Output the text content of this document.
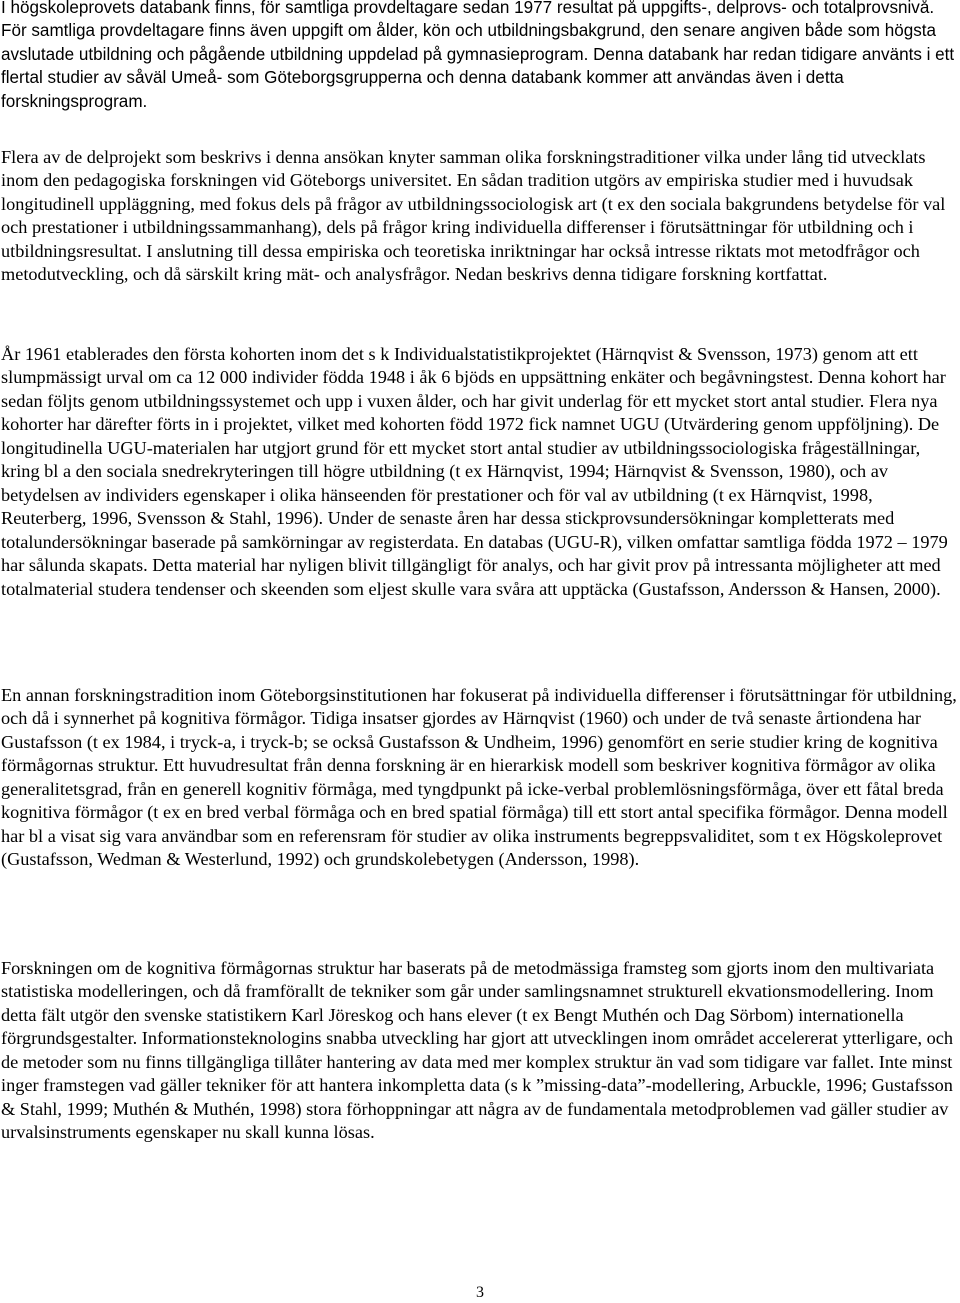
I högskoleprovets databank finns, för samtliga provdeltagare sedan 1977 resultat på uppgifts-, delprovs- och totalprovsnivå. För samtliga provdeltagare finns även uppgift om ålder, kön och utbildningsbakgrund, den senare angiven både som högsta avslutade utbildning och pågående utbildning uppdelad på gymnasieprogram. Denna databank har redan tidigare använts i ett flertal studier av såväl Umeå- som Göteborgsgrupperna och denna databank kommer att användas även i detta forskningsprogram.

Flera av de delprojekt som beskrivs i denna ansökan knyter samman olika forskningstraditioner vilka under lång tid utvecklats inom den pedagogiska forskningen vid Göteborgs universitet. En sådan tradition utgörs av empiriska studier med i huvudsak longitudinell uppläggning, med fokus dels på frågor av utbildningssociologisk art (t ex den sociala bakgrundens betydelse för val och prestationer i utbildningssammanhang), dels på frågor kring individuella differenser i förutsättningar för utbildning och i utbildningsresultat. I anslutning till dessa empiriska och teoretiska inriktningar har också intresse riktats mot metodfrågor och metodutveckling, och då särskilt kring mät- och analysfrågor. Nedan beskrivs denna tidigare forskning kortfattat.

År 1961 etablerades den första kohorten inom det s k Individualstatistikprojektet (Härnqvist & Svensson, 1973) genom att ett slumpmässigt urval om ca 12 000 individer födda 1948 i åk 6 bjöds en uppsättning enkäter och begåvningstest. Denna kohort har sedan följts genom utbildningssystemet och upp i vuxen ålder, och har givit underlag för ett mycket stort antal studier. Flera nya kohorter har därefter förts in i projektet, vilket med kohorten född 1972 fick namnet UGU (Utvärdering genom uppföljning). De longitudinella UGU-materialen har utgjort grund för ett mycket stort antal studier av utbildningssociologiska frågeställningar, kring bl a den sociala snedrekryteringen till högre utbildning (t ex Härnqvist, 1994; Härnqvist & Svensson, 1980), och av betydelsen av individers egenskaper i olika hänseenden för prestationer och för val av utbildning (t ex Härnqvist, 1998, Reuterberg, 1996, Svensson & Stahl, 1996). Under de senaste åren har dessa stickprovsundersökningar kompletterats med totalundersökningar baserade på samkörningar av registerdata. En databas (UGU-R), vilken omfattar samtliga födda 1972 – 1979 har sålunda skapats. Detta material har nyligen blivit tillgängligt för analys, och har givit prov på intressanta möjligheter att med totalmaterial studera tendenser och skeenden som eljest skulle vara svåra att upptäcka (Gustafsson, Andersson & Hansen, 2000).

En annan forskningstradition inom Göteborgsinstitutionen har fokuserat på individuella differenser i förutsättningar för utbildning, och då i synnerhet på kognitiva förmågor. Tidiga insatser gjordes av Härnqvist (1960) och under de två senaste årtiondena har Gustafsson (t ex 1984, i tryck-a, i tryck-b; se också Gustafsson & Undheim, 1996) genomfört en serie studier kring de kognitiva förmågornas struktur. Ett huvudresultat från denna forskning är en hierarkisk modell som beskriver kognitiva förmågor av olika generalitetsgrad, från en generell kognitiv förmåga, med tyngdpunkt på icke-verbal problemlösningsförmåga, över ett fåtal breda kognitiva förmågor (t ex en bred verbal förmåga och en bred spatial förmåga) till ett stort antal specifika förmågor. Denna modell har bl a visat sig vara användbar som en referensram för studier av olika instruments begreppsvaliditet, som t ex Högskoleprovet (Gustafsson, Wedman & Westerlund, 1992) och grundskolebetygen (Andersson, 1998).

Forskningen om de kognitiva förmågornas struktur har baserats på de metodmässiga framsteg som gjorts inom den multivariata statistiska modelleringen, och då framförallt de tekniker som går under samlingsnamnet strukturell ekvationsmodellering. Inom detta fält utgör den svenske statistikern Karl Jöreskog och hans elever (t ex Bengt Muthén och Dag Sörbom) internationella förgrundsgestalter. Informationsteknologins snabba utveckling har gjort att utvecklingen inom området accelererat ytterligare, och de metoder som nu finns tillgängliga tillåter hantering av data med mer komplex struktur än vad som tidigare var fallet. Inte minst inger framstegen vad gäller tekniker för att hantera inkompletta data (s k ”missing-data”-modellering, Arbuckle, 1996; Gustafsson & Stahl, 1999; Muthén & Muthén, 1998) stora förhoppningar att några av de fundamentala metodproblemen vad gäller studier av urvalsinstruments egenskaper nu skall kunna lösas.

3
